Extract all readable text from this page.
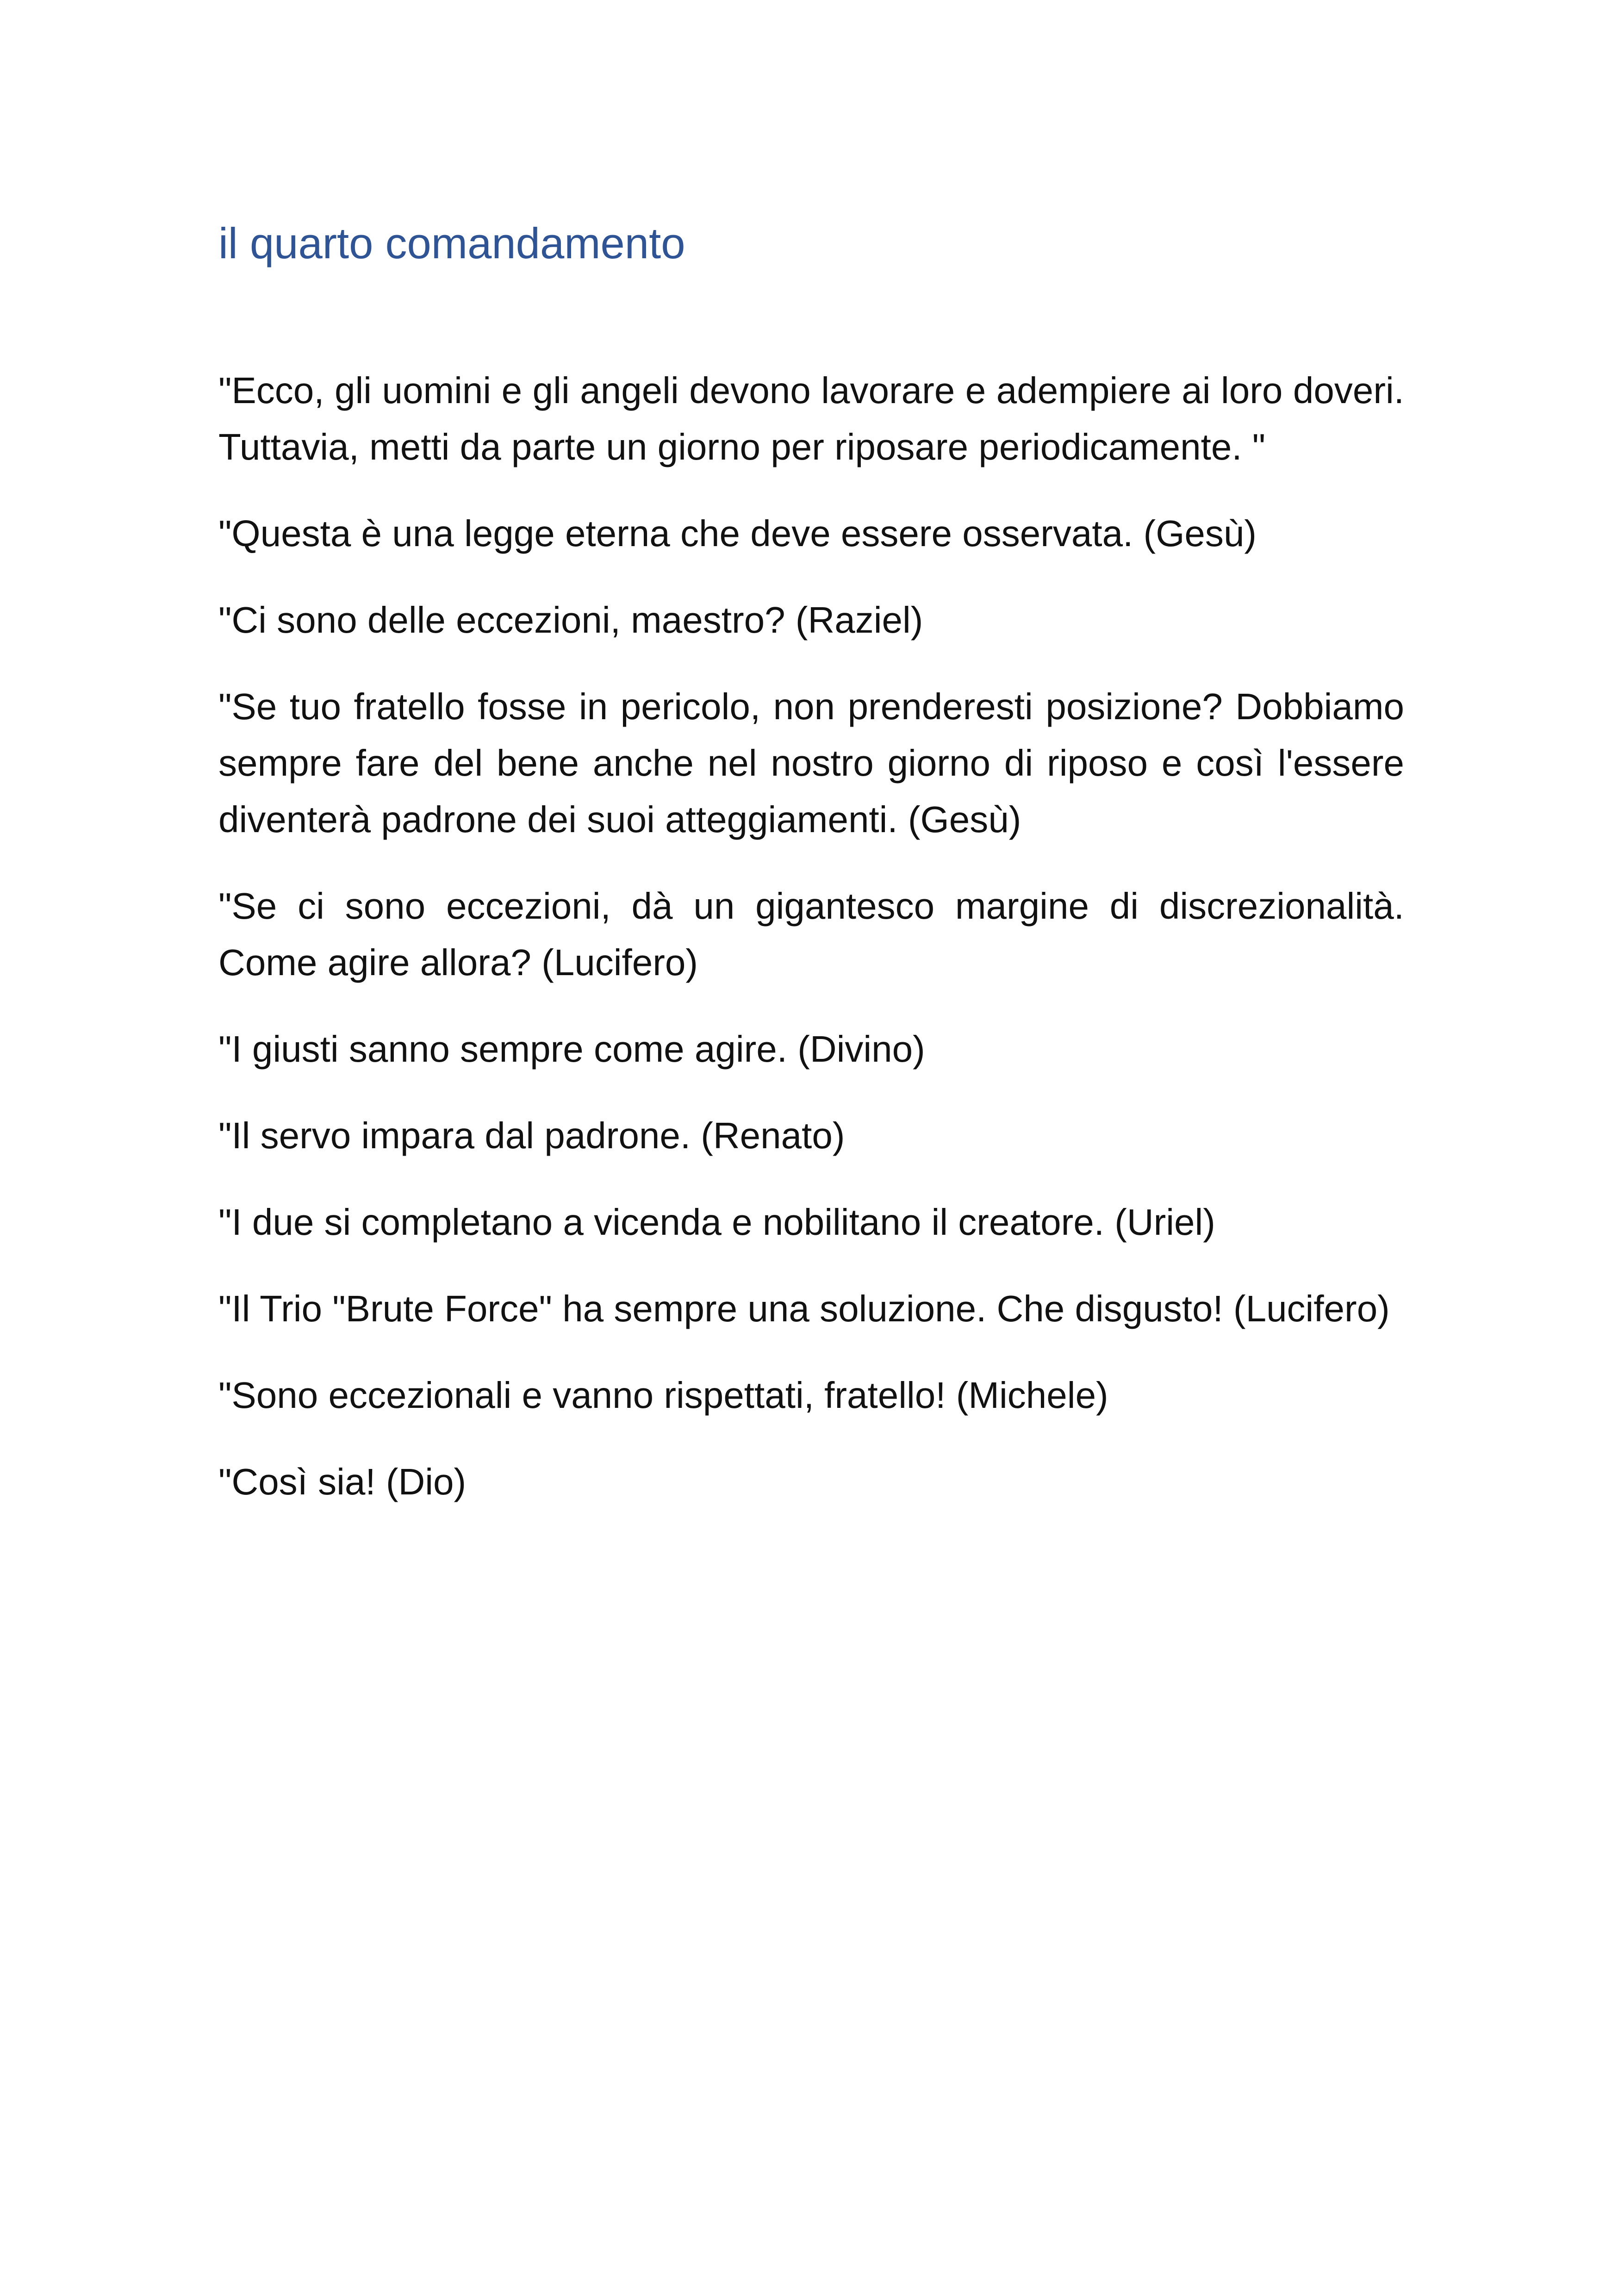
il quarto comandamento

"Ecco, gli uomini e gli angeli devono lavorare e adempiere ai loro doveri. Tuttavia, metti da parte un giorno per riposare periodicamente. "

"Questa è una legge eterna che deve essere osservata. (Gesù)

"Ci sono delle eccezioni, maestro? (Raziel)

"Se tuo fratello fosse in pericolo, non prenderesti posizione? Dobbiamo sempre fare del bene anche nel nostro giorno di riposo e così l'essere diventerà padrone dei suoi atteggiamenti. (Gesù)

"Se ci sono eccezioni, dà un gigantesco margine di discrezionalità. Come agire allora? (Lucifero)

"I giusti sanno sempre come agire. (Divino)

"Il servo impara dal padrone. (Renato)

"I due si completano a vicenda e nobilitano il creatore. (Uriel)

"Il Trio "Brute Force" ha sempre una soluzione. Che disgusto! (Lucifero)

"Sono eccezionali e vanno rispettati, fratello! (Michele)

"Così sia! (Dio)
